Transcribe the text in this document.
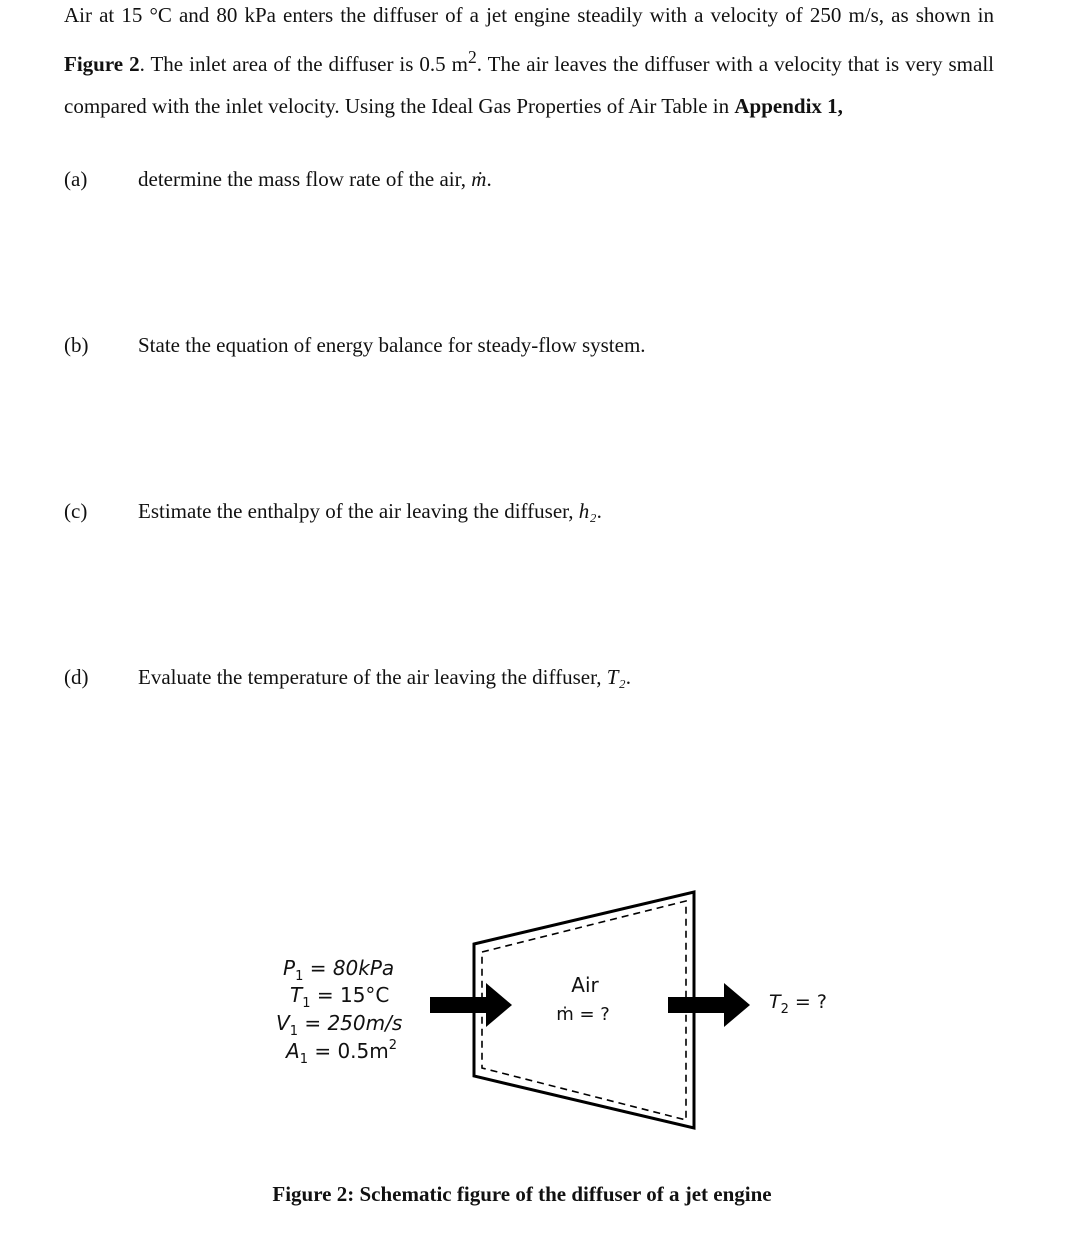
Air at 15 °C and 80 kPa enters the diffuser of a jet engine steadily with a velocity of 250 m/s, as shown in Figure 2. The inlet area of the diffuser is 0.5 $m^2$. The air leaves the diffuser with a velocity that is very small compared with the inlet velocity. Using the Ideal Gas Properties of Air Table in Appendix 1,
(a) determine the mass flow rate of the air, ṁ.
(b) State the equation of energy balance for steady-flow system.
(c) Estimate the enthalpy of the air leaving the diffuser, h₂.
(d) Evaluate the temperature of the air leaving the diffuser, T₂.
$P_1 = 80kPa$
$T_1 = 15^\circ C$
$V_1 = 250m/s$
$A_1 = 0.5m^2$
Air
ṁ = ?
$T_2$ = ?
Figure 2: Schematic figure of the diffuser of a jet engine
